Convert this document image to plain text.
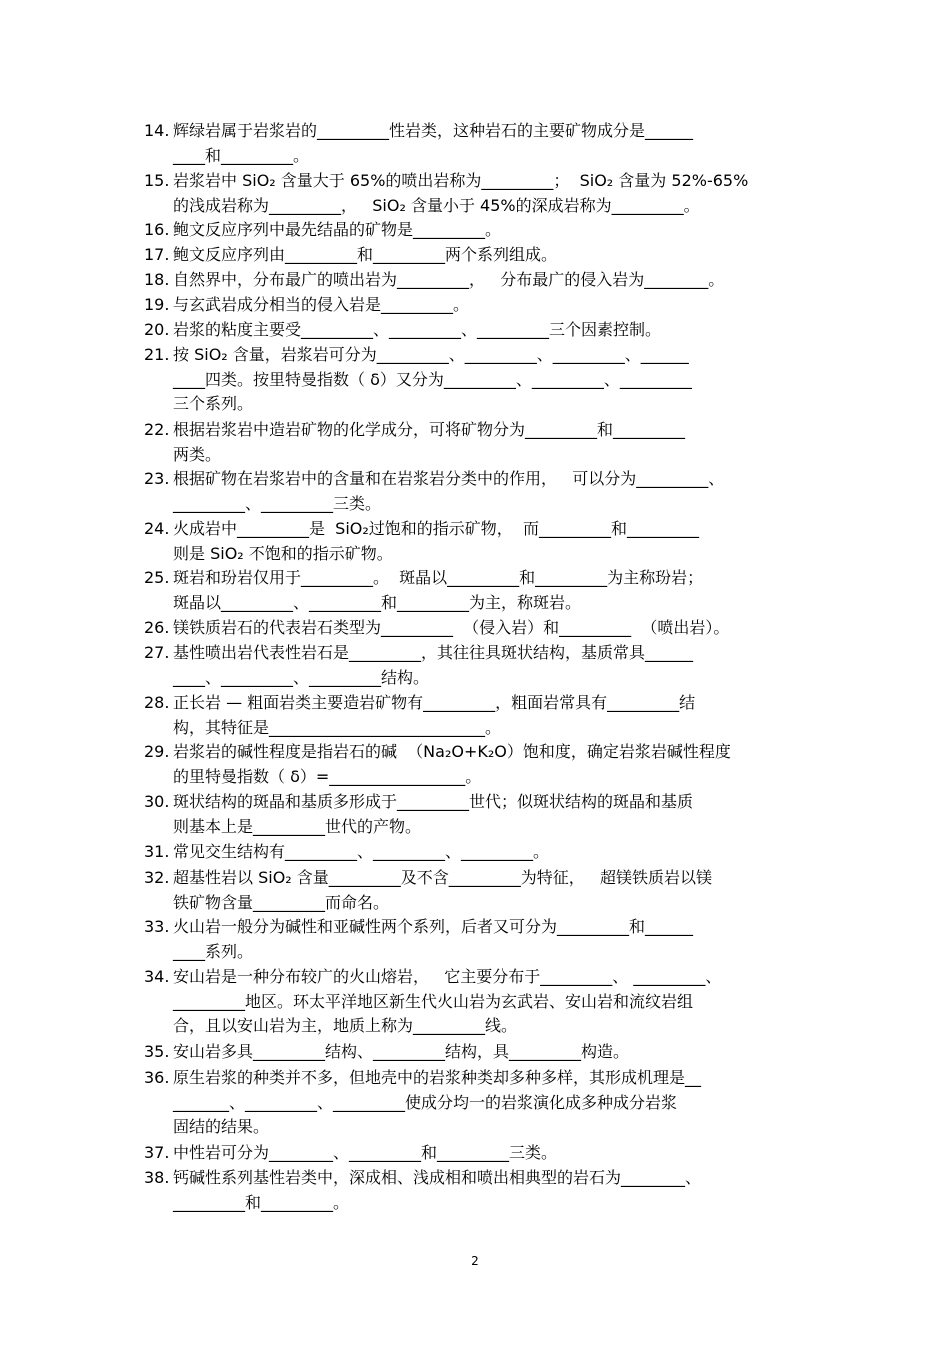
14. 辉绿岩属于岩浆岩的_________性岩类，这种岩石的主要矿物成分是______
____和_________。
15. 岩浆岩中 SiO₂ 含量大于 65%的喷出岩称为_________；  SiO₂ 含量为 52%-65%
的浅成岩称为_________，   SiO₂ 含量小于 45%的深成岩称为_________。
16. 鲍文反应序列中最先结晶的矿物是_________。
17. 鲍文反应序列由_________和_________两个系列组成。
18. 自然界中，分布最广的喷出岩为_________，   分布最广的侵入岩为________。
19. 与玄武岩成分相当的侵入岩是_________。
20. 岩浆的粘度主要受_________、_________、_________三个因素控制。
21. 按 SiO₂ 含量，岩浆岩可分为_________、_________、_________、______
____四类。按里特曼指数（ δ）又分为_________、_________、_________
三个系列。
22. 根据岩浆岩中造岩矿物的化学成分，可将矿物分为_________和_________
两类。
23. 根据矿物在岩浆岩中的含量和在岩浆岩分类中的作用，   可以分为_________、
_________、_________三类。
24. 火成岩中_________是  SiO₂过饱和的指示矿物，  而_________和_________
则是 SiO₂ 不饱和的指示矿物。
25. 斑岩和玢岩仅用于_________。  斑晶以_________和_________为主称玢岩；
斑晶以_________、_________和_________为主，称斑岩。
26. 镁铁质岩石的代表岩石类型为_________  （侵入岩）和_________  （喷出岩）。
27. 基性喷出岩代表性岩石是_________，其往往具斑状结构，基质常具______
____、_________、_________结构。
28. 正长岩 — 粗面岩类主要造岩矿物有_________，粗面岩常具有_________结
构，其特征是___________________________。
29. 岩浆岩的碱性程度是指岩石的碱  （Na₂O+K₂O）饱和度，确定岩浆岩碱性程度
的里特曼指数（ δ）=_________________。
30. 斑状结构的斑晶和基质多形成于_________世代；似斑状结构的斑晶和基质
则基本上是_________世代的产物。
31. 常见交生结构有_________、_________、_________。
32. 超基性岩以 SiO₂ 含量_________及不含_________为特征，   超镁铁质岩以镁
铁矿物含量_________而命名。
33. 火山岩一般分为碱性和亚碱性两个系列，后者又可分为_________和______
____系列。
34. 安山岩是一种分布较广的火山熔岩，   它主要分布于_________、 _________、
_________地区。环太平洋地区新生代火山岩为玄武岩、安山岩和流纹岩组
合，且以安山岩为主，地质上称为_________线。
35. 安山岩多具_________结构、_________结构，具_________构造。
36. 原生岩浆的种类并不多，但地壳中的岩浆种类却多种多样，其形成机理是__
_______、_________、_________使成分均一的岩浆演化成多种成分岩浆
固结的结果。
37. 中性岩可分为________、_________和_________三类。
38. 钙碱性系列基性岩类中，深成相、浅成相和喷出相典型的岩石为________、
_________和_________。
2
